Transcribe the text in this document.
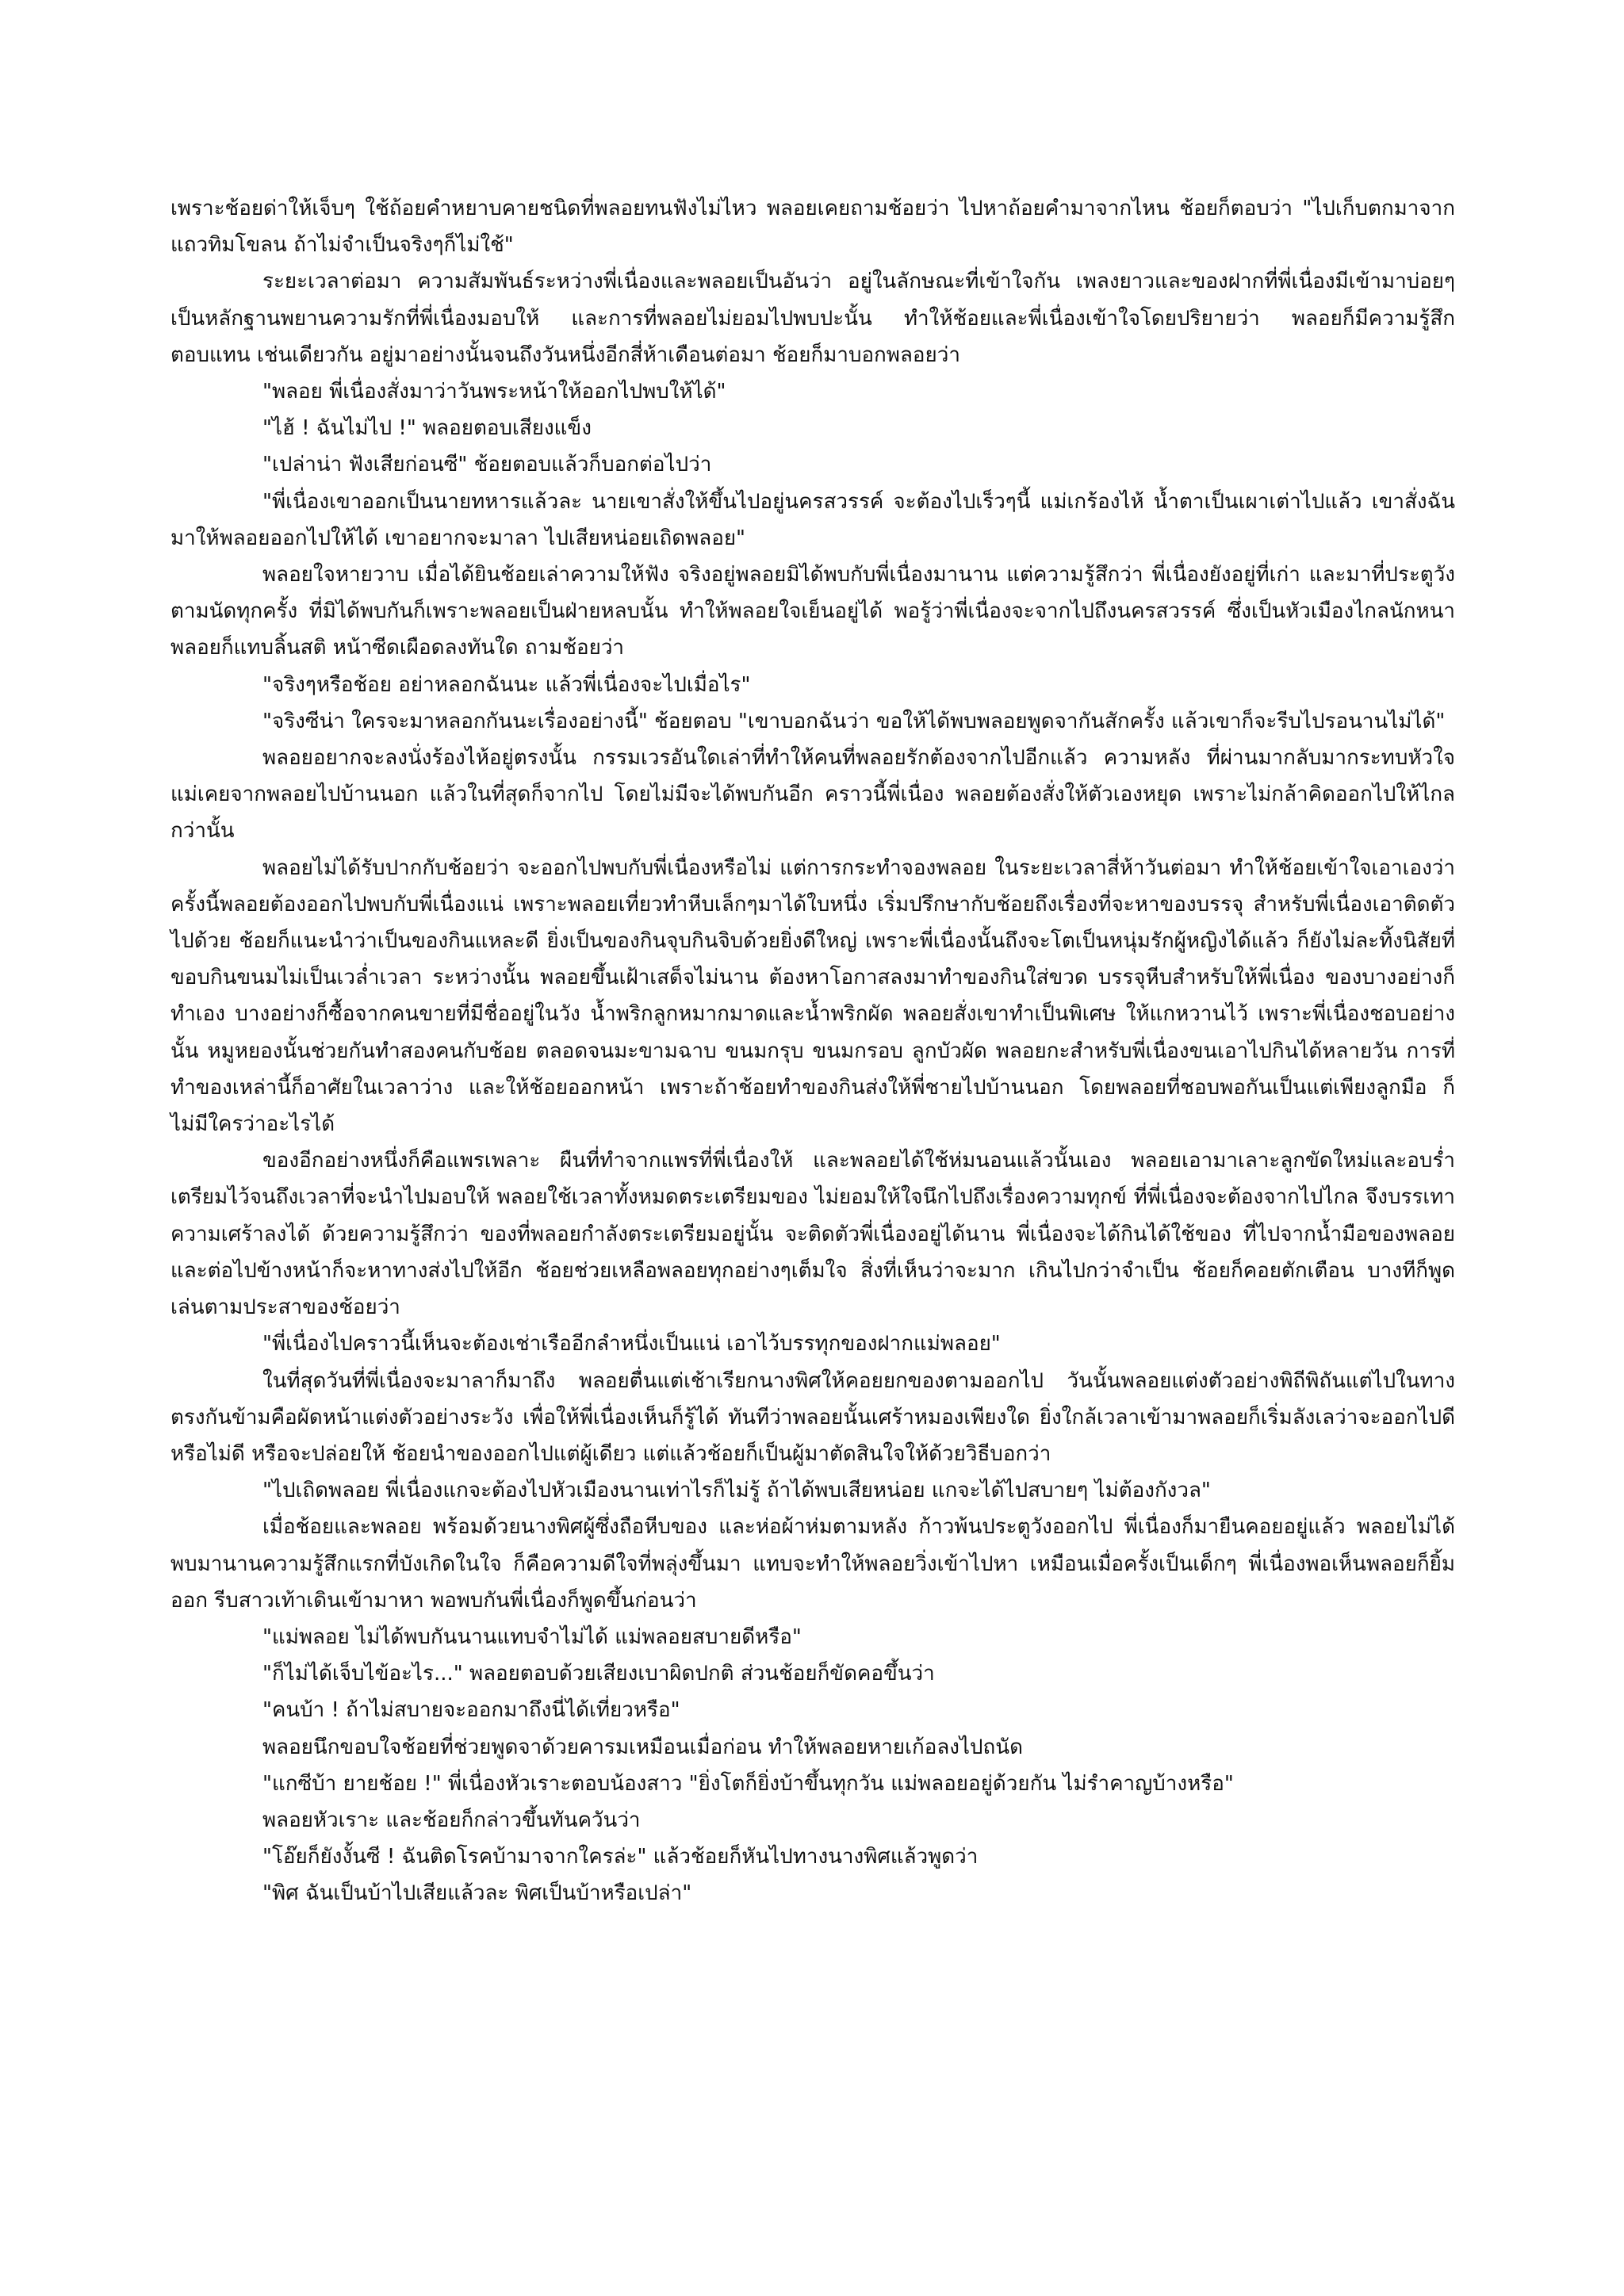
เพราะช้อยด่าให้เจ็บๆ ใช้ถ้อยคำหยาบคายชนิดที่พลอยทนฟังไม่ไหว พลอยเคยถามช้อยว่า ไปหาถ้อยคำมาจากไหน ช้อยก็ตอบว่า "ไปเก็บตกมาจากแถวทิมโขลน ถ้าไม่จำเป็นจริงๆก็ไม่ใช้"

ระยะเวลาต่อมา ความสัมพันธ์ระหว่างพี่เนื่องและพลอยเป็นอันว่า อยู่ในลักษณะที่เข้าใจกัน เพลงยาวและของฝากที่พี่เนื่องมีเข้ามาบ่อยๆ เป็นหลักฐานพยานความรักที่พี่เนื่องมอบให้ และการที่พลอยไม่ยอมไปพบปะนั้น ทำให้ช้อยและพี่เนื่องเข้าใจโดยปริยายว่า พลอยก็มีความรู้สึกตอบแทน เช่นเดียวกัน อยู่มาอย่างนั้นจนถึงวันหนึ่งอีกสี่ห้าเดือนต่อมา ช้อยก็มาบอกพลอยว่า

"พลอย พี่เนื่องสั่งมาว่าวันพระหน้าให้ออกไปพบให้ได้"

"ไฮ้ ! ฉันไม่ไป !" พลอยตอบเสียงแข็ง

"เปล่าน่า ฟังเสียก่อนซี" ช้อยตอบแล้วก็บอกต่อไปว่า

"พี่เนื่องเขาออกเป็นนายทหารแล้วละ นายเขาสั่งให้ขึ้นไปอยู่นครสวรรค์ จะต้องไปเร็วๆนี้ แม่เกร้องไห้ น้ำตาเป็นเผาเต่าไปแล้ว เขาสั่งฉันมาให้พลอยออกไปให้ได้ เขาอยากจะมาลา ไปเสียหน่อยเถิดพลอย"

พลอยใจหายวาบ เมื่อได้ยินช้อยเล่าความให้ฟัง จริงอยู่พลอยมิได้พบกับพี่เนื่องมานาน แต่ความรู้สึกว่า พี่เนื่องยังอยู่ที่เก่า และมาที่ประตูวังตามนัดทุกครั้ง ที่มิได้พบกันก็เพราะพลอยเป็นฝ่ายหลบนั้น ทำให้พลอยใจเย็นอยู่ได้ พอรู้ว่าพี่เนื่องจะจากไปถึงนครสวรรค์ ซึ่งเป็นหัวเมืองไกลนักหนา พลอยก็แทบลิ้นสติ หน้าซีดเผือดลงทันใด ถามช้อยว่า

"จริงๆหรือช้อย อย่าหลอกฉันนะ แล้วพี่เนื่องจะไปเมื่อไร"

"จริงซีน่า ใครจะมาหลอกกันนะเรื่องอย่างนี้" ช้อยตอบ "เขาบอกฉันว่า ขอให้ได้พบพลอยพูดจากันสักครั้ง แล้วเขาก็จะรีบไปรอนานไม่ได้"

พลอยอยากจะลงนั่งร้องไห้อยู่ตรงนั้น กรรมเวรอันใดเล่าที่ทำให้คนที่พลอยรักต้องจากไปอีกแล้ว ความหลัง ที่ผ่านมากลับมากระทบหัวใจ แม่เคยจากพลอยไปบ้านนอก แล้วในที่สุดก็จากไป โดยไม่มีจะได้พบกันอีก คราวนี้พี่เนื่อง พลอยต้องสั่งให้ตัวเองหยุด เพราะไม่กล้าคิดออกไปให้ไกลกว่านั้น

พลอยไม่ได้รับปากกับช้อยว่า จะออกไปพบกับพี่เนื่องหรือไม่ แต่การกระทำจองพลอย ในระยะเวลาสี่ห้าวันต่อมา ทำให้ช้อยเข้าใจเอาเองว่า ครั้งนี้พลอยต้องออกไปพบกับพี่เนื่องแน่ เพราะพลอยเที่ยวทำหีบเล็กๆมาได้ใบหนึ่ง เริ่มปรึกษากับช้อยถึงเรื่องที่จะหาของบรรจุ สำหรับพี่เนื่องเอาติดตัวไปด้วย ช้อยก็แนะนำว่าเป็นของกินแหละดี ยิ่งเป็นของกินจุบกินจิบด้วยยิ่งดีใหญ่ เพราะพี่เนื่องนั้นถึงจะโตเป็นหนุ่มรักผู้หญิงได้แล้ว ก็ยังไม่ละทิ้งนิสัยที่ขอบกินขนมไม่เป็นเวล่ำเวลา ระหว่างนั้น พลอยขึ้นเฝ้าเสด็จไม่นาน ต้องหาโอกาสลงมาทำของกินใส่ขวด บรรจุหีบสำหรับให้พี่เนื่อง ของบางอย่างก็ทำเอง บางอย่างก็ซื้อจากคนขายที่มีชื่ออยู่ในวัง น้ำพริกลูกหมากมาดและน้ำพริกผัด พลอยสั่งเขาทำเป็นพิเศษ ให้แกหวานไว้ เพราะพี่เนื่องชอบอย่างนั้น หมูหยองนั้นช่วยกันทำสองคนกับช้อย ตลอดจนมะขามฉาบ ขนมกรุบ ขนมกรอบ ลูกบัวผัด พลอยกะสำหรับพี่เนื่องขนเอาไปกินได้หลายวัน การที่ทำของเหล่านี้ก็อาศัยในเวลาว่าง และให้ช้อยออกหน้า เพราะถ้าช้อยทำของกินส่งให้พี่ชายไปบ้านนอก โดยพลอยที่ชอบพอกันเป็นแต่เพียงลูกมือ ก็ไม่มีใครว่าอะไรได้

ของอีกอย่างหนึ่งก็คือแพรเพลาะ ผืนที่ทำจากแพรที่พี่เนื่องให้ และพลอยได้ใช้ห่มนอนแล้วนั้นเอง พลอยเอามาเลาะลูกขัดใหม่และอบร่ำเตรียมไว้จนถึงเวลาที่จะนำไปมอบให้ พลอยใช้เวลาทั้งหมดตระเตรียมของ ไม่ยอมให้ใจนึกไปถึงเรื่องความทุกข์ ที่พี่เนื่องจะต้องจากไปไกล จึงบรรเทาความเศร้าลงได้ ด้วยความรู้สึกว่า ของที่พลอยกำลังตระเตรียมอยู่นั้น จะติดตัวพี่เนื่องอยู่ได้นาน พี่เนื่องจะได้กินได้ใช้ของ ที่ไปจากน้ำมือของพลอย และต่อไปข้างหน้าก็จะหาทางส่งไปให้อีก ช้อยช่วยเหลือพลอยทุกอย่างๆเต็มใจ สิ่งที่เห็นว่าจะมาก เกินไปกว่าจำเป็น ช้อยก็คอยตักเตือน บางทีก็พูดเล่นตามประสาของช้อยว่า

"พี่เนื่องไปคราวนี้เห็นจะต้องเช่าเรืออีกลำหนึ่งเป็นแน่ เอาไว้บรรทุกของฝากแม่พลอย"

ในที่สุดวันที่พี่เนื่องจะมาลาก็มาถึง พลอยตื่นแต่เช้าเรียกนางพิศให้คอยยกของตามออกไป วันนั้นพลอยแต่งตัวอย่างพิถีพิถันแต่ไปในทางตรงกันข้ามคือผัดหน้าแต่งตัวอย่างระวัง เพื่อให้พี่เนื่องเห็นก็รู้ได้ ทันทีว่าพลอยนั้นเศร้าหมองเพียงใด ยิ่งใกล้เวลาเข้ามาพลอยก็เริ่มลังเลว่าจะออกไปดีหรือไม่ดี หรือจะปล่อยให้ ช้อยนำของออกไปแต่ผู้เดียว แต่แล้วช้อยก็เป็นผู้มาตัดสินใจให้ด้วยวิธีบอกว่า

"ไปเถิดพลอย พี่เนื่องแกจะต้องไปหัวเมืองนานเท่าไรก็ไม่รู้ ถ้าได้พบเสียหน่อย แกจะได้ไปสบายๆ ไม่ต้องกังวล"

เมื่อช้อยและพลอย พร้อมด้วยนางพิศผู้ซึ่งถือหีบของ และห่อผ้าห่มตามหลัง ก้าวพ้นประตูวังออกไป พี่เนื่องก็มายืนคอยอยู่แล้ว พลอยไม่ได้พบมานานความรู้สึกแรกที่บังเกิดในใจ ก็คือความดีใจที่พลุ่งขึ้นมา แทบจะทำให้พลอยวิ่งเข้าไปหา เหมือนเมื่อครั้งเป็นเด็กๆ พี่เนื่องพอเห็นพลอยก็ยิ้มออก รีบสาวเท้าเดินเข้ามาหา พอพบกันพี่เนื่องก็พูดขึ้นก่อนว่า

"แม่พลอย ไม่ได้พบกันนานแทบจำไม่ได้ แม่พลอยสบายดีหรือ"

"ก็ไม่ได้เจ็บไข้อะไร..." พลอยตอบด้วยเสียงเบาผิดปกติ ส่วนช้อยก็ขัดคอขึ้นว่า

"คนบ้า ! ถ้าไม่สบายจะออกมาถึงนี่ได้เที่ยวหรือ"

พลอยนึกขอบใจช้อยที่ช่วยพูดจาด้วยคารมเหมือนเมื่อก่อน ทำให้พลอยหายเก้อลงไปถนัด

"แกซีบ้า ยายช้อย !" พี่เนื่องหัวเราะตอบน้องสาว "ยิ่งโตก็ยิ่งบ้าขึ้นทุกวัน แม่พลอยอยู่ด้วยกัน ไม่รำคาญบ้างหรือ"

พลอยหัวเราะ และช้อยก็กล่าวขึ้นทันควันว่า

"โอ๊ยก็ยังงั้นซี ! ฉันติดโรคบ้ามาจากใครล่ะ" แล้วช้อยก็หันไปทางนางพิศแล้วพูดว่า

"พิศ ฉันเป็นบ้าไปเสียแล้วละ พิศเป็นบ้าหรือเปล่า"
